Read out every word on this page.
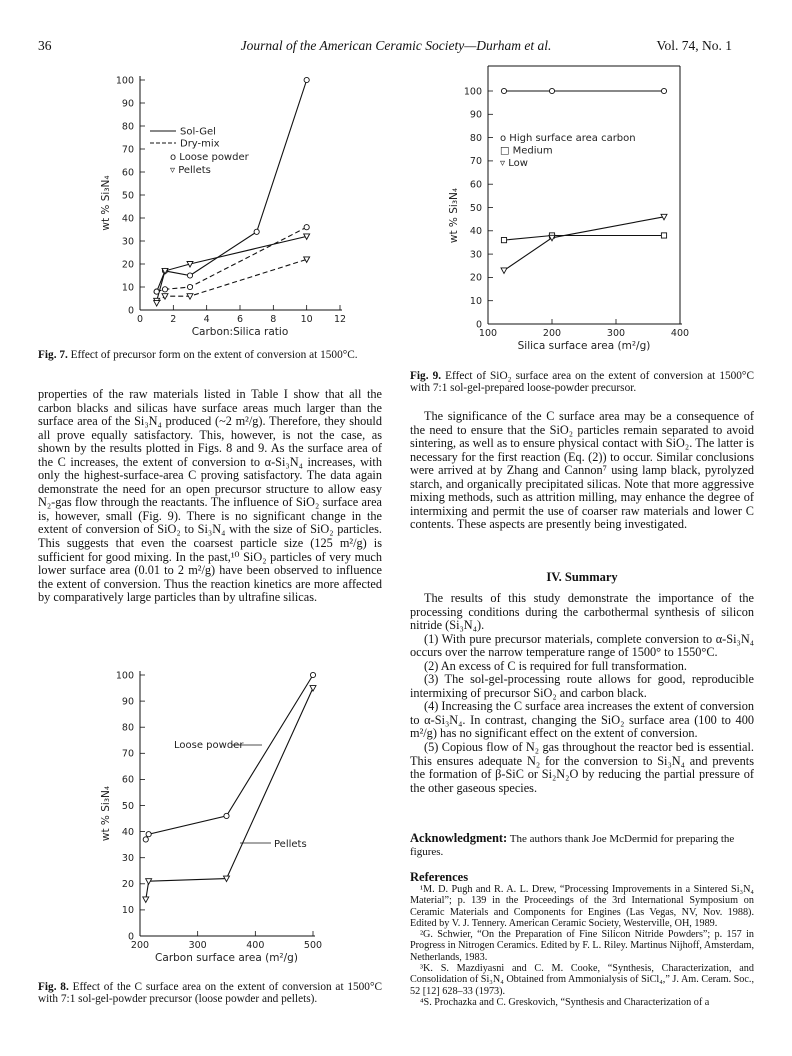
36	Journal of the American Ceramic Society—Durham et al.	Vol. 74, No. 1
0
10
20
30
40
50
60
70
80
90
100
0	2	4	6	8	10 12
Carbon:Silica ratio
wt % Si₃N₄
0
10
20
30
40
50
60
70
80
90
100
100	200	300	400
Silica surface area (m²/g)
wt % Si₃N₄
0
10
20
30
40
50
60
70
80
90
100
200	300	400	500
Carbon surface area (m²/g)
wt % Si₃N₄
Sol-Gel
Dry-mix
o Loose powder
▿ Pellets
o High surface area carbon
□ Medium
▿ Low
Loose powder
Pellets
Fig. 7. Effect of precursor form on the extent of conversion at 1500°C.

properties of the raw materials listed in Table I show that all the carbon blacks and silicas have surface areas much larger than the surface area of the Si₃N₄ produced (~2 m²/g). Therefore, they should all prove equally satisfactory. This, however, is not the case, as shown by the results plotted in Figs. 8 and 9. As the surface area of the C increases, the extent of conversion to α-Si₃N₄ increases, with only the highest-surface-area C proving satisfactory. The data again demonstrate the need for an open precursor structure to allow easy N₂-gas flow through the reactants. The influence of SiO₂ surface area is, however, small (Fig. 9). There is no significant change in the extent of conversion of SiO₂ to Si₃N₄ with the size of SiO₂ particles. This suggests that even the coarsest particle size (125 m²/g) is sufficient for good mixing. In the past,¹⁰ SiO₂ particles of very much lower surface area (0.01 to 2 m²/g) have been observed to influence the extent of conversion. Thus the reaction kinetics are more affected by comparatively large particles than by ultrafine silicas.

Fig. 8. Effect of the C surface area on the extent of conversion at 1500°C with 7:1 sol-gel-powder precursor (loose powder and pellets).
Fig. 9. Effect of SiO₂ surface area on the extent of conversion at 1500°C with 7:1 sol-gel-prepared loose-powder precursor.

The significance of the C surface area may be a consequence of the need to ensure that the SiO₂ particles remain separated to avoid sintering, as well as to ensure physical contact with SiO₂. The latter is necessary for the first reaction (Eq. (2)) to occur. Similar conclusions were arrived at by Zhang and Cannon⁷ using lamp black, pyrolyzed starch, and organically precipitated silicas. Note that more aggressive mixing methods, such as attrition milling, may enhance the degree of intermixing and permit the use of coarser raw materials and lower C contents. These aspects are presently being investigated.

IV. Summary

The results of this study demonstrate the importance of the processing conditions during the carbothermal synthesis of silicon nitride (Si₃N₄).

(1) With pure precursor materials, complete conversion to α-Si₃N₄ occurs over the narrow temperature range of 1500° to 1550°C.

(2) An excess of C is required for full transformation.

(3) The sol-gel-processing route allows for good, reproducible intermixing of precursor SiO₂ and carbon black.

(4) Increasing the C surface area increases the extent of conversion to α-Si₃N₄. In contrast, changing the SiO₂ surface area (100 to 400 m²/g) has no significant effect on the extent of conversion.

(5) Copious flow of N₂ gas throughout the reactor bed is essential. This ensures adequate N₂ for the conversion to Si₃N₄ and prevents the formation of β-SiC or Si₂N₂O by reducing the partial pressure of the other gaseous species.

Acknowledgment: The authors thank Joe McDermid for preparing the figures.
References

¹M. D. Pugh and R. A. L. Drew, “Processing Improvements in a Sintered Si₃N₄ Material”; p. 139 in the Proceedings of the 3rd International Symposium on Ceramic Materials and Components for Engines (Las Vegas, NV, Nov. 1988). Edited by V. J. Tennery. American Ceramic Society, Westerville, OH, 1989.

²G. Schwier, “On the Preparation of Fine Silicon Nitride Powders”; p. 157 in Progress in Nitrogen Ceramics. Edited by F. L. Riley. Martinus Nijhoff, Amsterdam, Netherlands, 1983.

³K. S. Mazdiyasni and C. M. Cooke, “Synthesis, Characterization, and Consolidation of Si₃N₄ Obtained from Ammonialysis of SiCl₄,” J. Am. Ceram. Soc., 52 [12] 628–33 (1973).

⁴S. Prochazka and C. Greskovich, “Synthesis and Characterization of a
